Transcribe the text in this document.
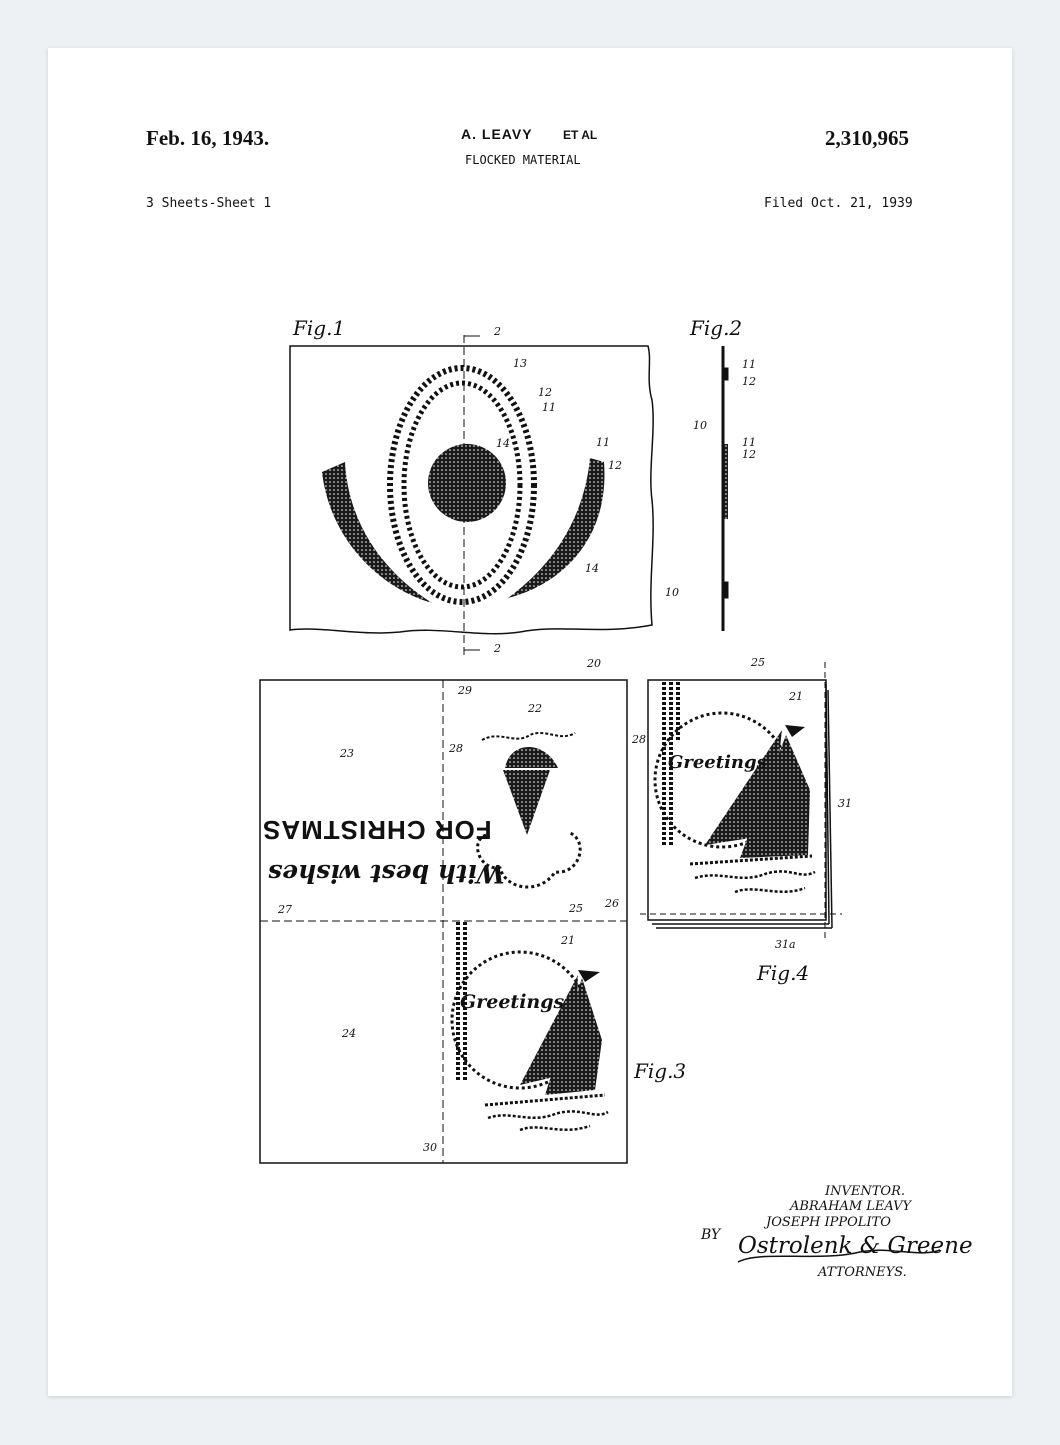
Feb. 16, 1943.	A. LEAVY	ET AL
FLOCKED MATERIAL
2,310,965
3 Sheets-Sheet 1	Filed Oct. 21, 1939
Fig.1	Fig.2
Fig.3
Fig.4
2
2
13
12
11
14	11
12
14
10
11
12
10
11
12
20
29
22
23	28
27	25 26
21
24
30
25
21
28
31
31a
Greetings
Greetings
FOR CHRISTMAS
With best wishes
INVENTOR.
ABRAHAM LEAVY
JOSEPH IPPOLITO
BY Ostrolenk & Greene
ATTORNEYS.
